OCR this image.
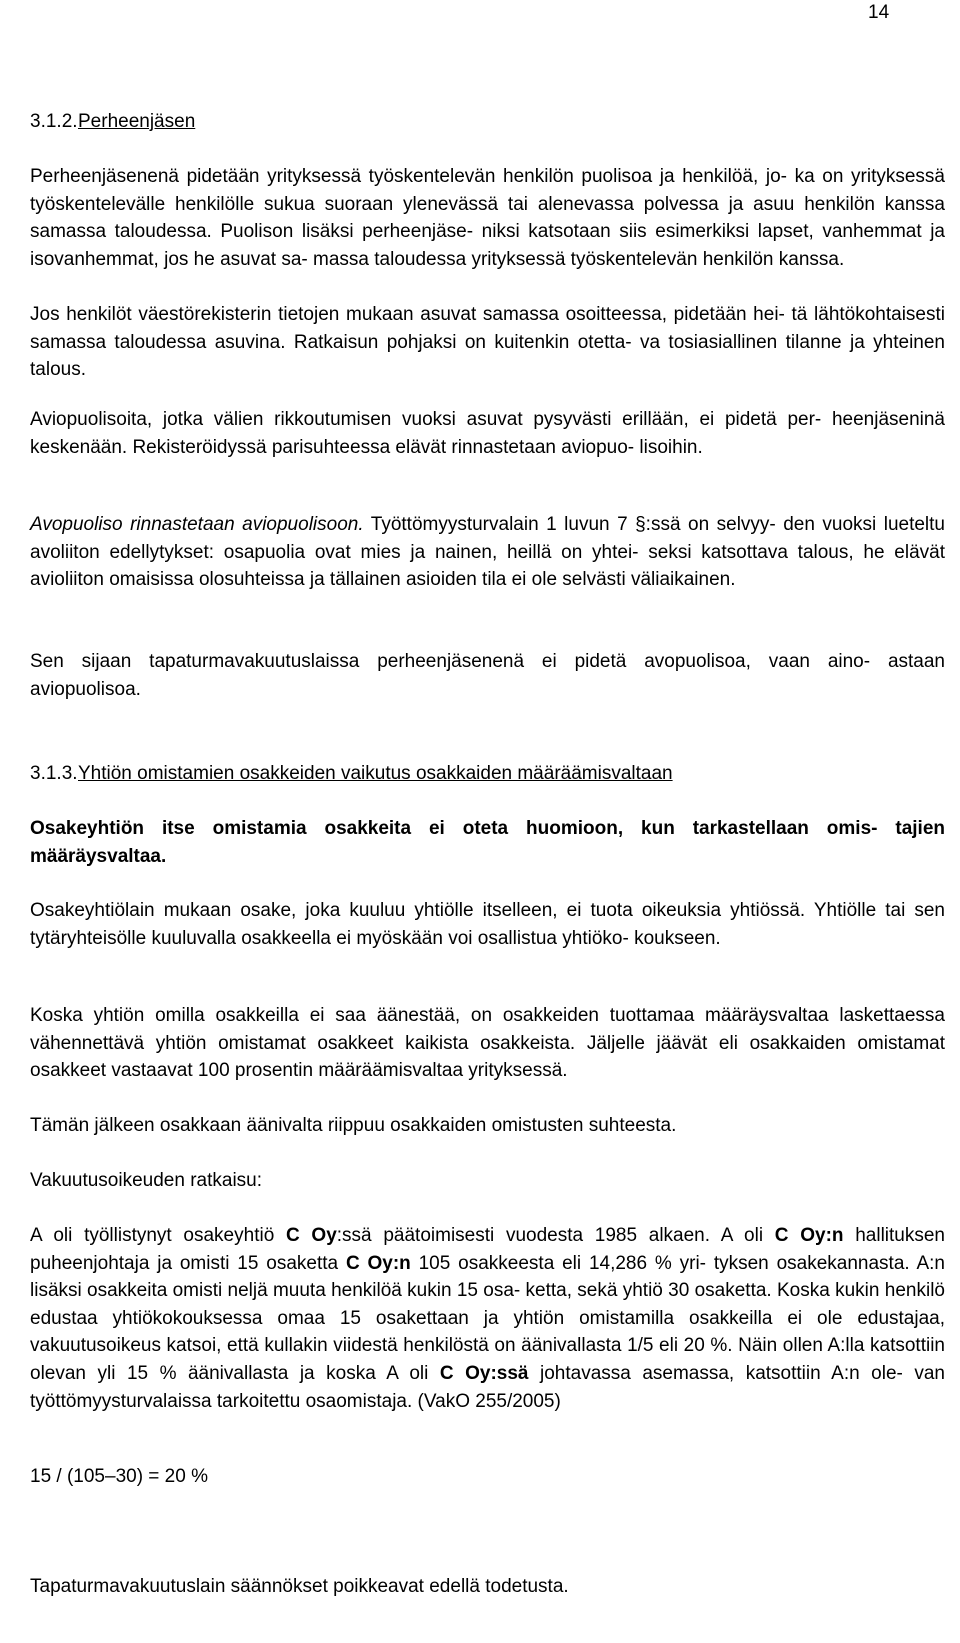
14
3.1.2.Perheenjäsen

Perheenjäsenenä pidetään yrityksessä työskentelevän henkilön puolisoa ja henkilöä, jo- ka on yrityksessä työskentelevälle henkilölle sukua suoraan ylenevässä tai alenevassa polvessa ja asuu henkilön kanssa samassa taloudessa. Puolison lisäksi perheenjäse- niksi katsotaan siis esimerkiksi lapset, vanhemmat ja isovanhemmat, jos he asuvat sa- massa taloudessa yrityksessä työskentelevän henkilön kanssa.

Jos henkilöt väestörekisterin tietojen mukaan asuvat samassa osoitteessa, pidetään hei- tä lähtökohtaisesti samassa taloudessa asuvina. Ratkaisun pohjaksi on kuitenkin otetta- va tosiasiallinen tilanne ja yhteinen talous.

Aviopuolisoita, jotka välien rikkoutumisen vuoksi asuvat pysyvästi erillään, ei pidetä per- heenjäseninä keskenään. Rekisteröidyssä parisuhteessa elävät rinnastetaan aviopuo- lisoihin.

Avopuoliso rinnastetaan aviopuolisoon. Työttömyysturvalain 1 luvun 7 §:ssä on selvyy- den vuoksi lueteltu avoliiton edellytykset: osapuolia ovat mies ja nainen, heillä on yhtei- seksi katsottava talous, he elävät avioliiton omaisissa olosuhteissa ja tällainen asioiden tila ei ole selvästi väliaikainen.

Sen sijaan tapaturmavakuutuslaissa perheenjäsenenä ei pidetä avopuolisoa, vaan aino- astaan aviopuolisoa.

3.1.3.Yhtiön omistamien osakkeiden vaikutus osakkaiden määräämisvaltaan

Osakeyhtiön itse omistamia osakkeita ei oteta huomioon, kun tarkastellaan omis- tajien määräysvaltaa.

Osakeyhtiölain mukaan osake, joka kuuluu yhtiölle itselleen, ei tuota oikeuksia yhtiössä. Yhtiölle tai sen tytäryhteisölle kuuluvalla osakkeella ei myöskään voi osallistua yhtiöko- koukseen.

Koska yhtiön omilla osakkeilla ei saa äänestää, on osakkeiden tuottamaa määräysvaltaa laskettaessa vähennettävä yhtiön omistamat osakkeet kaikista osakkeista. Jäljelle jäävät eli osakkaiden omistamat osakkeet vastaavat 100 prosentin määräämisvaltaa yrityksessä.

Tämän jälkeen osakkaan äänivalta riippuu osakkaiden omistusten suhteesta.

Vakuutusoikeuden ratkaisu:

A oli työllistynyt osakeyhtiö C Oy:ssä päätoimisesti vuodesta 1985 alkaen. A oli C Oy:n hallituksen puheenjohtaja ja omisti 15 osaketta C Oy:n 105 osakkeesta eli 14,286 % yri- tyksen osakekannasta. A:n lisäksi osakkeita omisti neljä muuta henkilöä kukin 15 osa- ketta, sekä yhtiö 30 osaketta. Koska kukin henkilö edustaa yhtiökokouksessa omaa 15 osakettaan ja yhtiön omistamilla osakkeilla ei ole edustajaa, vakuutusoikeus katsoi, että kullakin viidestä henkilöstä on äänivallasta 1/5 eli 20 %. Näin ollen A:lla katsottiin olevan yli 15 % äänivallasta ja koska A oli C Oy:ssä johtavassa asemassa, katsottiin A:n ole- van työttömyysturvalaissa tarkoitettu osaomistaja. (VakO 255/2005)

15 / (105–30) = 20 %

Tapaturmavakuutuslain säännökset poikkeavat edellä todetusta.
